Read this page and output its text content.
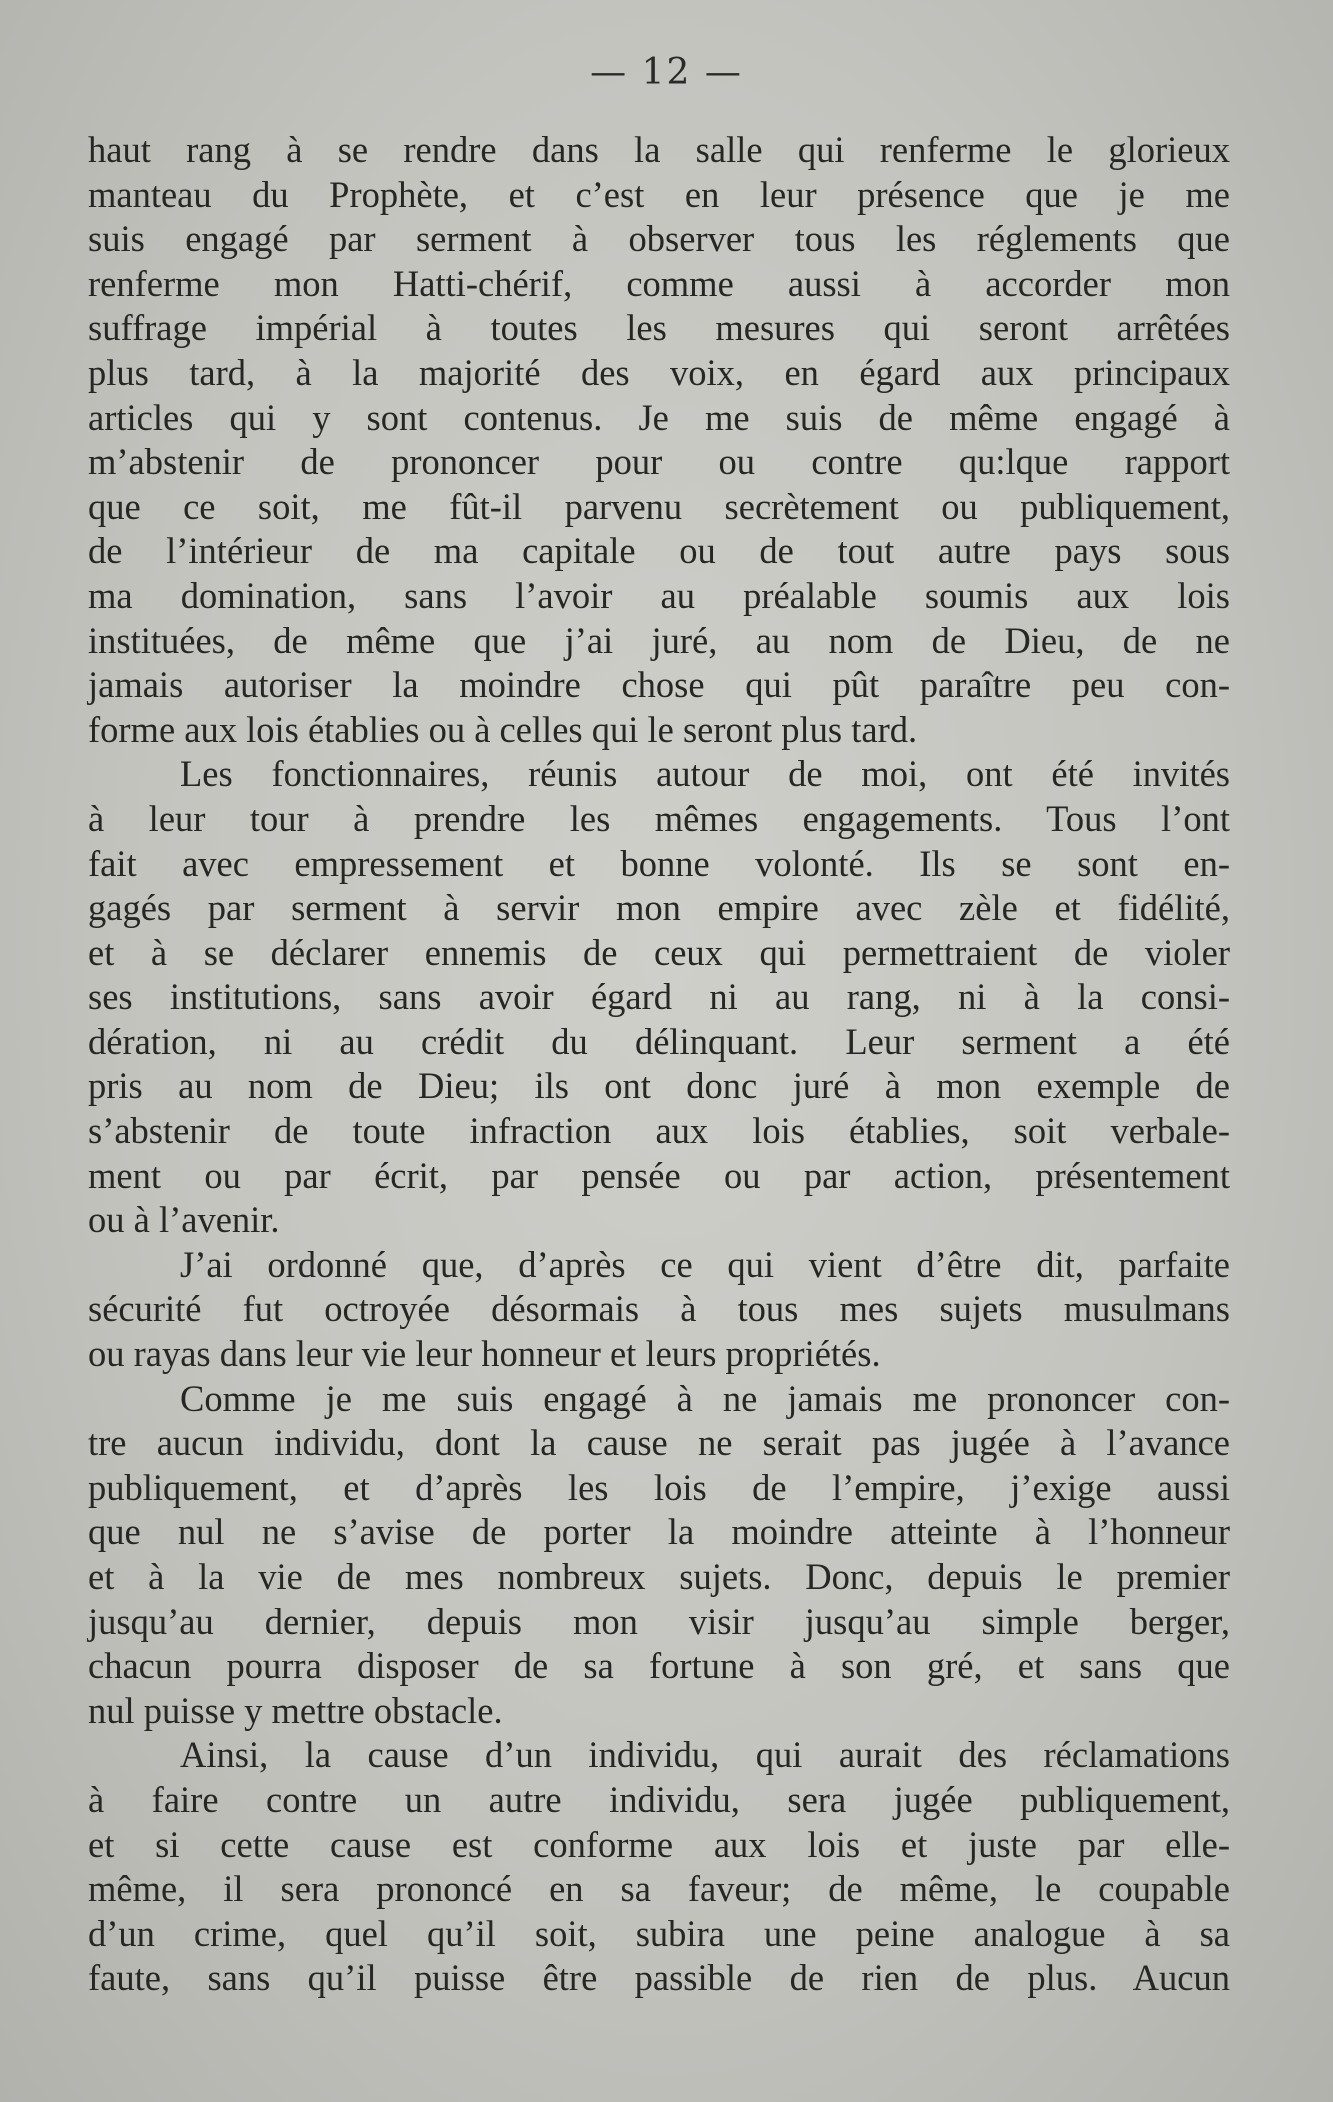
— 12 —
haut rang à se rendre dans la salle qui renferme le glorieux
manteau du Prophète, et c’est en leur présence que je me
suis engagé par serment à observer tous les réglements que
renferme mon Hatti-chérif, comme aussi à accorder mon
suffrage impérial à toutes les mesures qui seront arrêtées
plus tard, à la majorité des voix, en égard aux principaux
articles qui y sont contenus. Je me suis de même engagé à
m’abstenir de prononcer pour ou contre qu:lque rapport
que ce soit, me fût-il parvenu secrètement ou publiquement,
de l’intérieur de ma capitale ou de tout autre pays sous
ma domination, sans l’avoir au préalable soumis aux lois
instituées, de même que j’ai juré, au nom de Dieu, de ne
jamais autoriser la moindre chose qui pût paraître peu con-
forme aux lois établies ou à celles qui le seront plus tard.
Les fonctionnaires, réunis autour de moi, ont été invités
à leur tour à prendre les mêmes engagements. Tous l’ont
fait avec empressement et bonne volonté. Ils se sont en-
gagés par serment à servir mon empire avec zèle et fidélité,
et à se déclarer ennemis de ceux qui permettraient de violer
ses institutions, sans avoir égard ni au rang, ni à la consi-
dération, ni au crédit du délinquant. Leur serment a été
pris au nom de Dieu; ils ont donc juré à mon exemple de
s’abstenir de toute infraction aux lois établies, soit verbale-
ment ou par écrit, par pensée ou par action, présentement
ou à l’avenir.
J’ai ordonné que, d’après ce qui vient d’être dit, parfaite
sécurité fut octroyée désormais à tous mes sujets musulmans
ou rayas dans leur vie leur honneur et leurs propriétés.
Comme je me suis engagé à ne jamais me prononcer con-
tre aucun individu, dont la cause ne serait pas jugée à l’avance
publiquement, et d’après les lois de l’empire, j’exige aussi
que nul ne s’avise de porter la moindre atteinte à l’honneur
et à la vie de mes nombreux sujets. Donc, depuis le premier
jusqu’au dernier, depuis mon visir jusqu’au simple berger,
chacun pourra disposer de sa fortune à son gré, et sans que
nul puisse y mettre obstacle.
Ainsi, la cause d’un individu, qui aurait des réclamations
à faire contre un autre individu, sera jugée publiquement,
et si cette cause est conforme aux lois et juste par elle-
même, il sera prononcé en sa faveur; de même, le coupable
d’un crime, quel qu’il soit, subira une peine analogue à sa
faute, sans qu’il puisse être passible de rien de plus. Aucun
